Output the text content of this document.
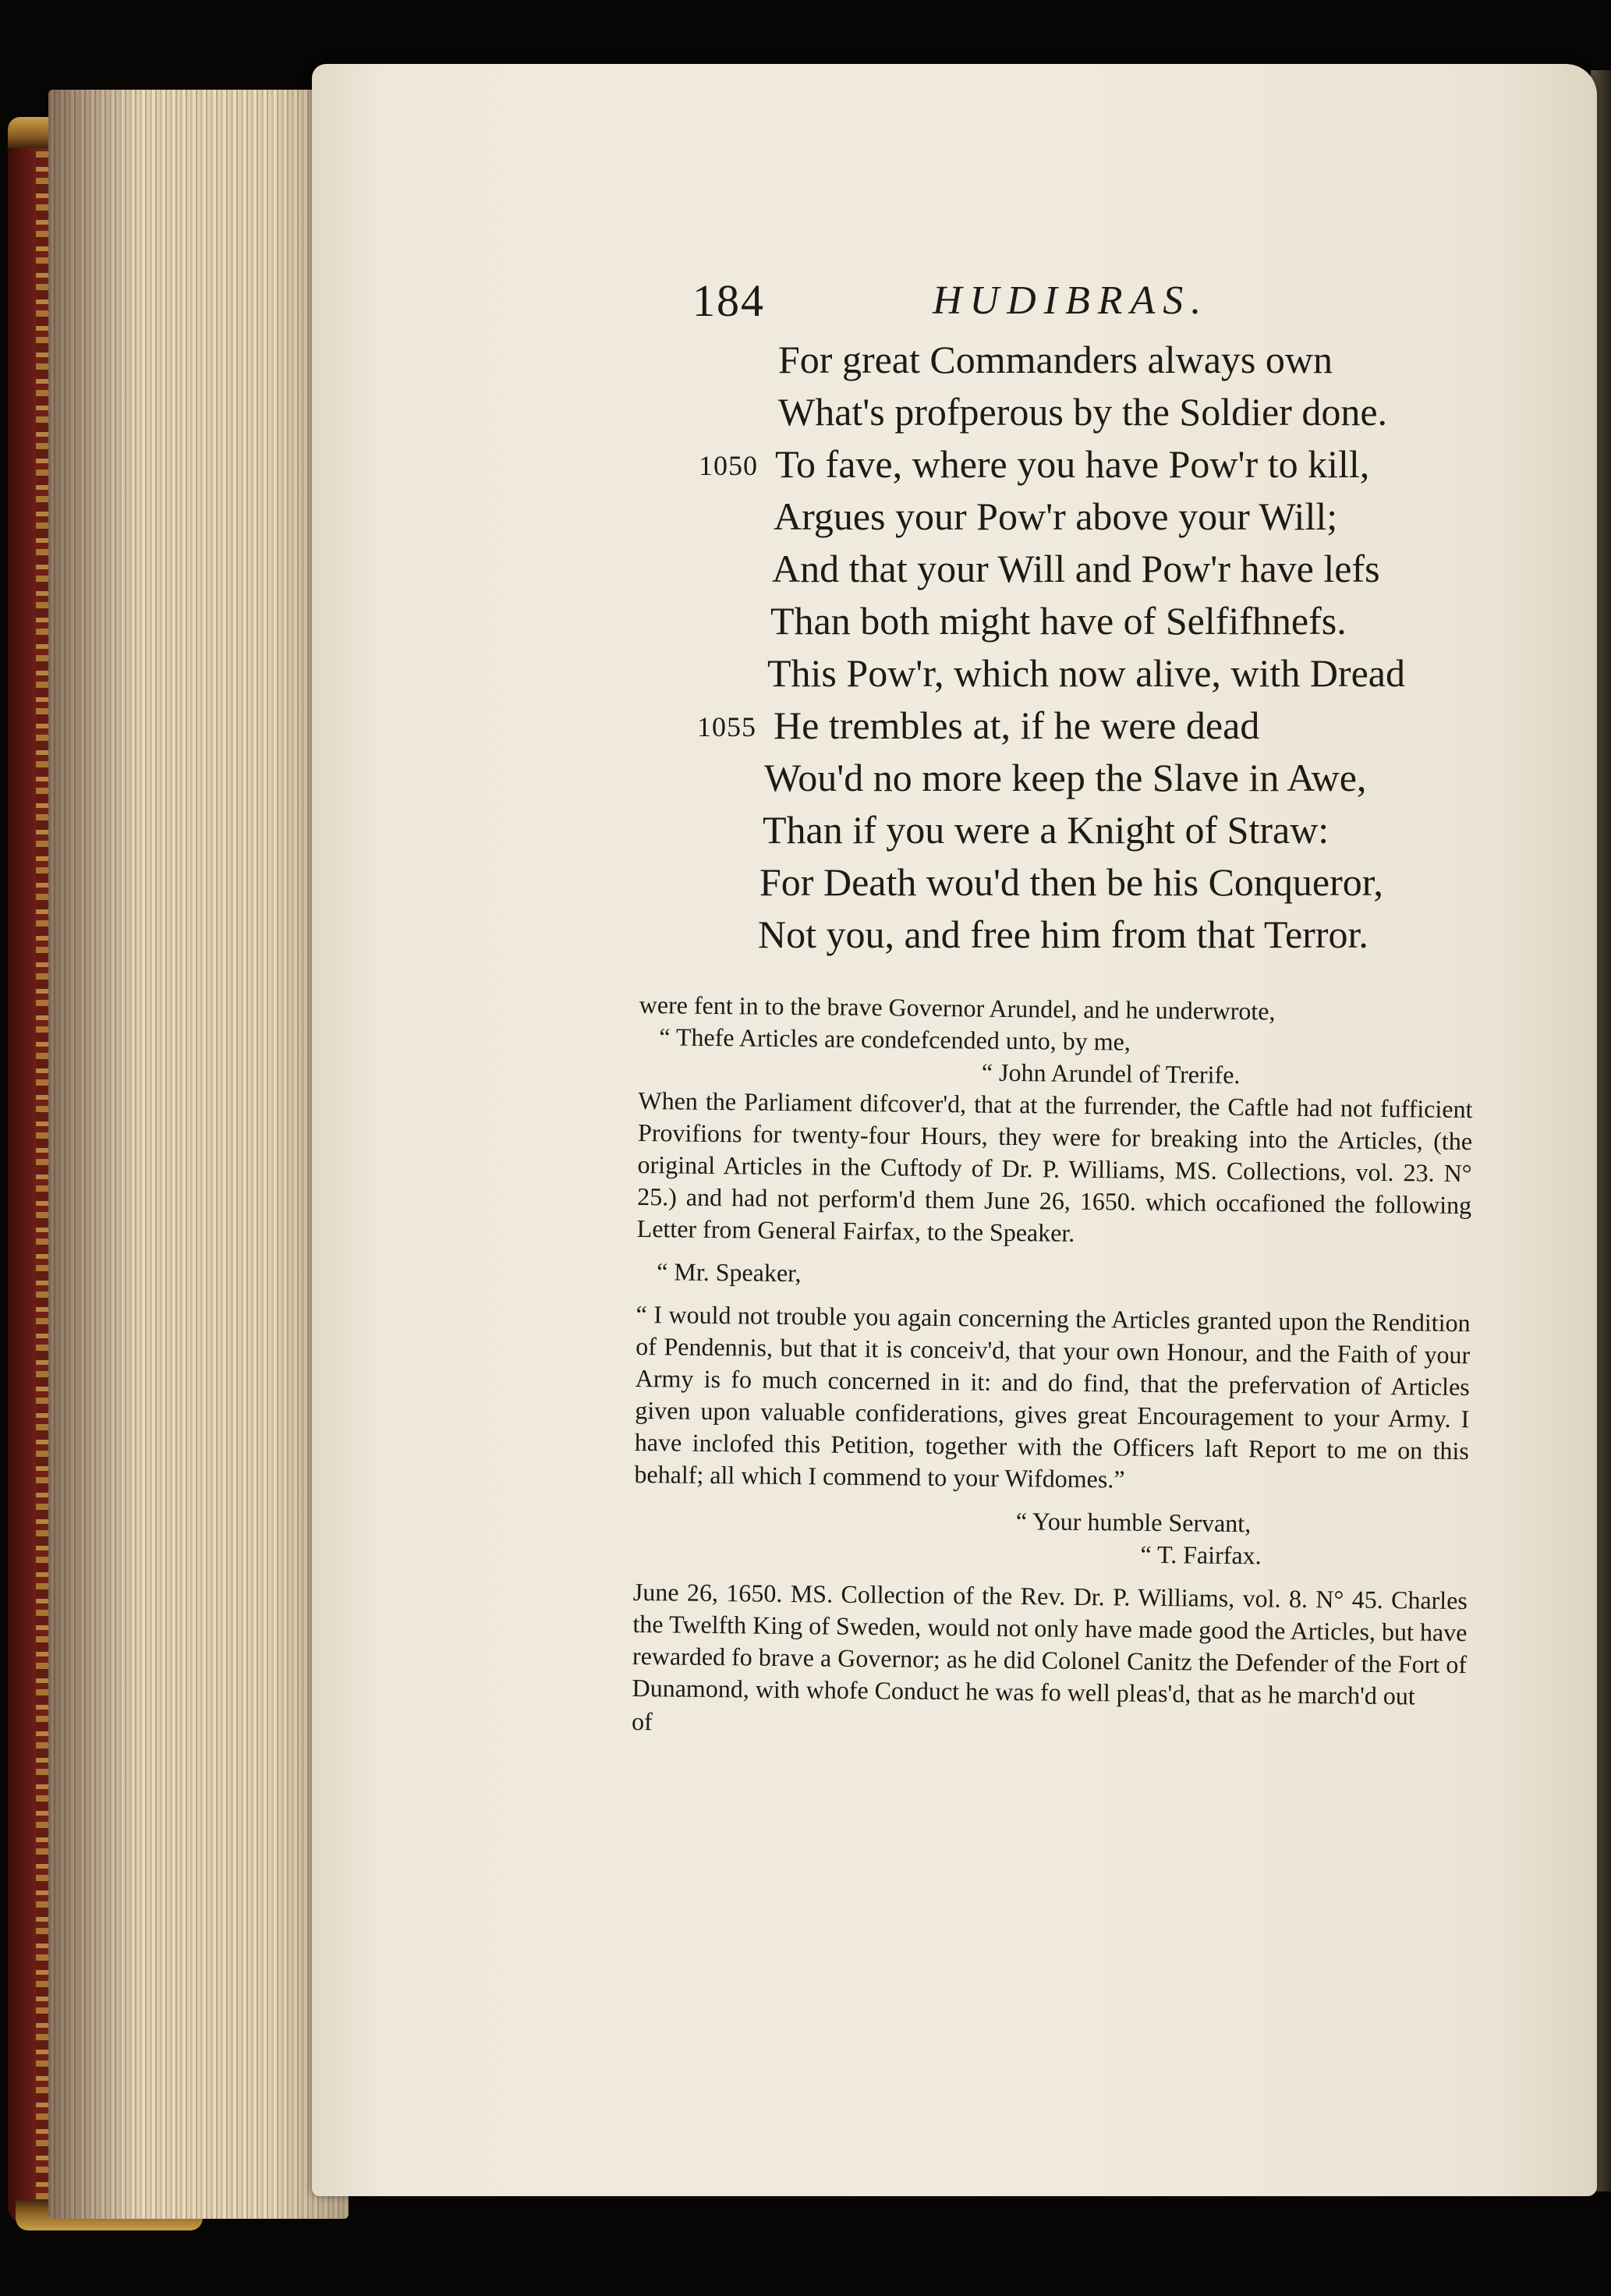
184	HUDIBRAS.
For great Commanders always own
What's profperous by the Soldier done.
1050 To fave, where you have Pow'r to kill,
Argues your Pow'r above your Will;
And that your Will and Pow'r have lefs
Than both might have of Selfifhnefs.
This Pow'r, which now alive, with Dread
1055 He trembles at, if he were dead
Wou'd no more keep the Slave in Awe,
Than if you were a Knight of Straw:
For Death wou'd then be his Conqueror,
Not you, and free him from that Terror.

were fent in to the brave Governor Arundel, and he underwrote,

“ Thefe Articles are condefcended unto, by me,

“ John Arundel of Trerife.

When the Parliament difcover'd, that at the furrender, the Caftle had not fufficient Provifions for twenty-four Hours, they were for breaking into the Articles, (the original Articles in the Cuftody of Dr. P. Williams, MS. Collections, vol. 23. N° 25.) and had not perform'd them June 26, 1650. which occafioned the following Letter from General Fairfax, to the Speaker.

“ Mr. Speaker,

“ I would not trouble you again concerning the Articles granted upon the Rendition of Pendennis, but that it is conceiv'd, that your own Honour, and the Faith of your Army is fo much concerned in it: and do find, that the prefervation of Articles given upon valuable confiderations, gives great Encouragement to your Army. I have inclofed this Petition, together with the Officers laft Report to me on this behalf; all which I commend to your Wifdomes.”

“ Your humble Servant,

“ T. Fairfax.

June 26, 1650. MS. Collection of the Rev. Dr. P. Williams, vol. 8. N° 45. Charles the Twelfth King of Sweden, would not only have made good the Articles, but have rewarded fo brave a Governor; as he did Colonel Canitz the Defender of the Fort of Dunamond, with whofe Conduct he was fo well pleas'd, that as he march'd out

of
